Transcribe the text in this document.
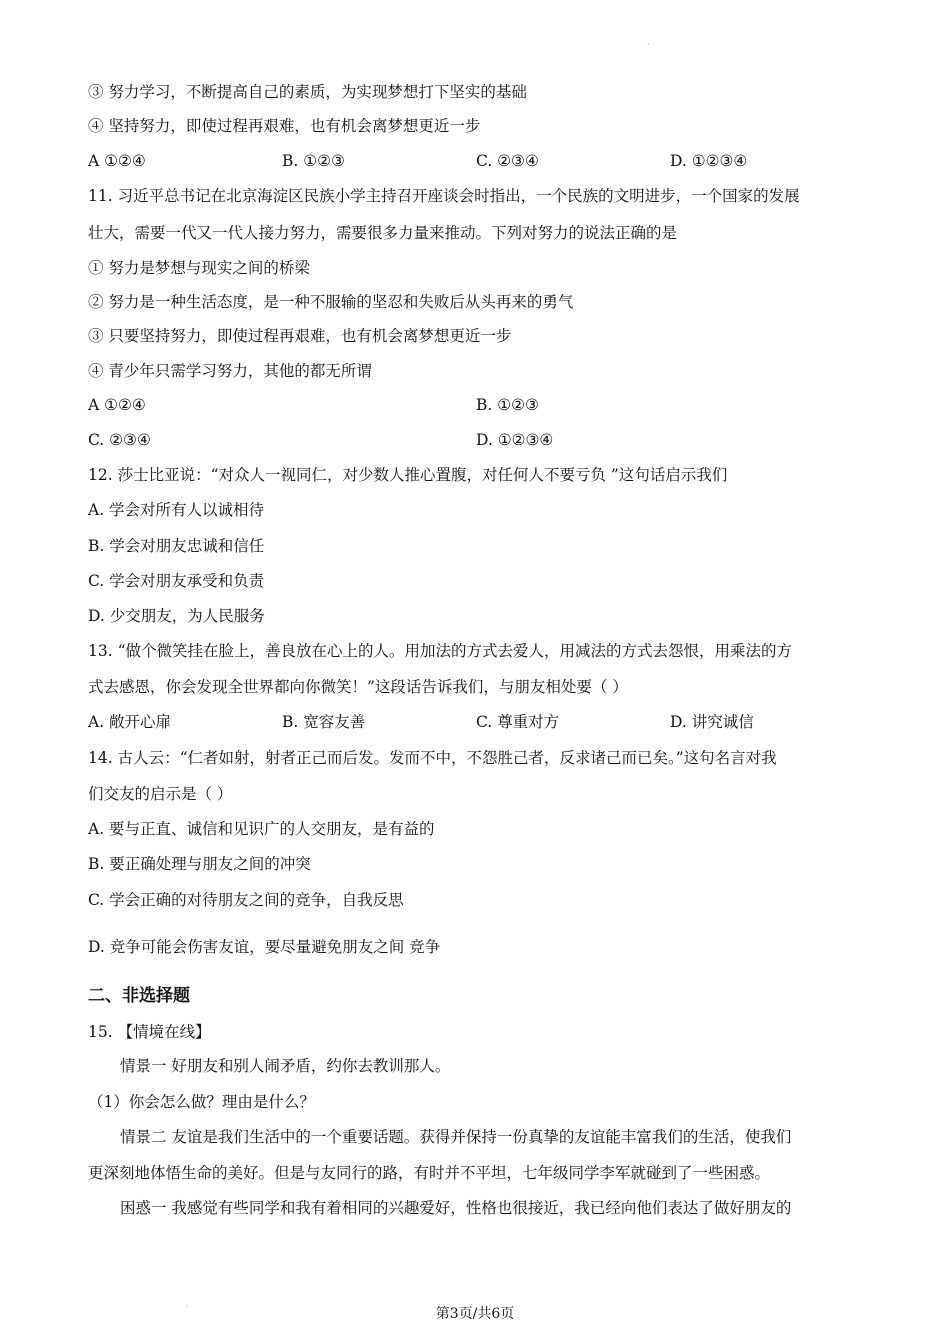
·
③ 努力学习，不断提高自己的素质，为实现梦想打下坚实的基础
④ 坚持努力，即使过程再艰难，也有机会离梦想更近一步
A ①②④	B. ①②③	C. ②③④	D. ①②③④
11. 习近平总书记在北京海淀区民族小学主持召开座谈会时指出，一个民族的文明进步，一个国家的发展
壮大，需要一代又一代人接力努力，需要很多力量来推动。下列对努力的说法正确的是
① 努力是梦想与现实之间的桥梁
② 努力是一种生活态度，是一种不服输的坚忍和失败后从头再来的勇气
③ 只要坚持努力，即使过程再艰难，也有机会离梦想更近一步
④ 青少年只需学习努力，其他的都无所谓
A ①②④	B. ①②③
C. ②③④	D. ①②③④
12. 莎士比亚说：“对众人一视同仁，对少数人推心置腹，对任何人不要亏负 ”这句话启示我们
A. 学会对所有人以诚相待
B. 学会对朋友忠诚和信任
C. 学会对朋友承受和负责
D. 少交朋友，为人民服务
13. “做个微笑挂在脸上，善良放在心上的人。用加法的方式去爱人，用减法的方式去怨恨，用乘法的方
式去感恩，你会发现全世界都向你微笑！”这段话告诉我们，与朋友相处要（ ）
A. 敞开心扉	B. 宽容友善	C. 尊重对方	D. 讲究诚信
14. 古人云：“仁者如射，射者正己而后发。发而不中，不怨胜己者，反求诸己而已矣。”这句名言对我
们交友的启示是（ ）
A. 要与正直、诚信和见识广的人交朋友，是有益的
B. 要正确处理与朋友之间的冲突
C. 学会正确的对待朋友之间的竞争，自我反思
D. 竞争可能会伤害友谊，要尽量避免朋友之间 竞争
二、非选择题
15. 【情境在线】
情景一 好朋友和别人闹矛盾，约你去教训那人。
（1）你会怎么做？理由是什么？
情景二 友谊是我们生活中的一个重要话题。获得并保持一份真挚的友谊能丰富我们的生活，使我们
更深刻地体悟生命的美好。但是与友同行的路，有时并不平坦，七年级同学李军就碰到了一些困惑。
困惑一 我感觉有些同学和我有着相同的兴趣爱好，性格也很接近，我已经向他们表达了做好朋友的
·	第3页/共6页
